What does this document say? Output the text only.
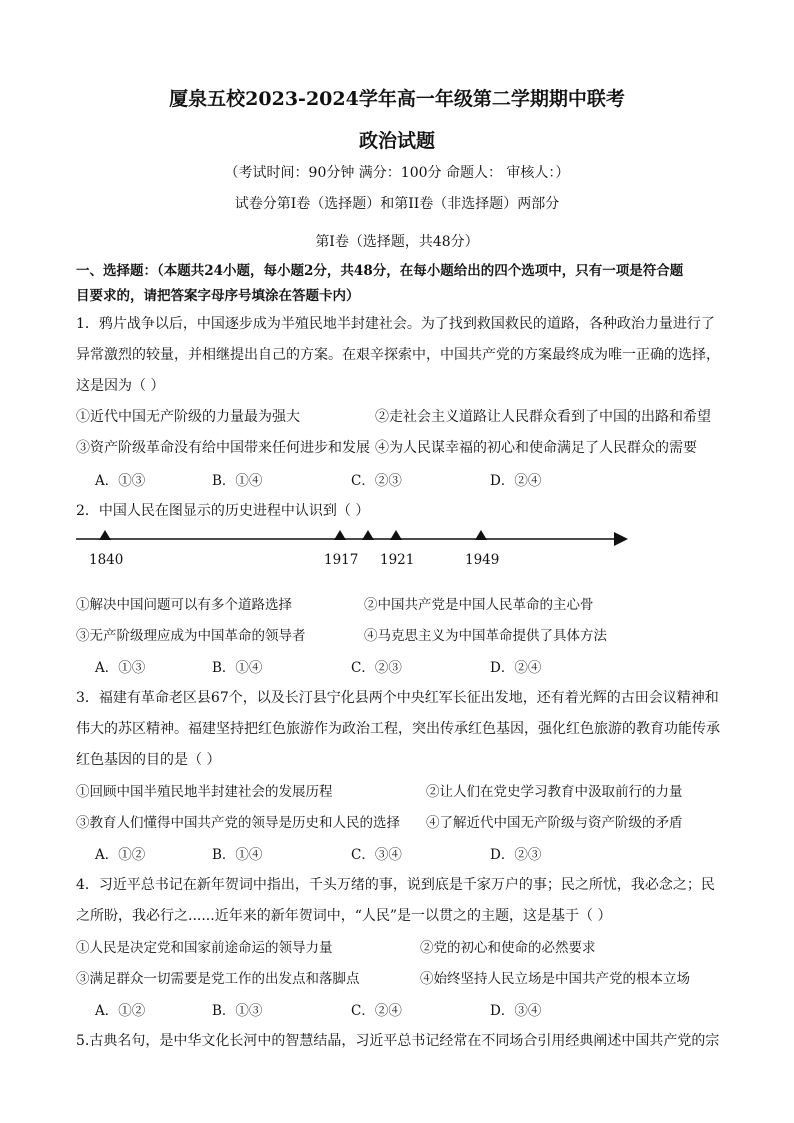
厦泉五校2023-2024学年高一年级第二学期期中联考
政治试题
（考试时间：90分钟 满分：100分 命题人： 审核人：）
试卷分第Ⅰ卷（选择题）和第II卷（非选择题）两部分
第Ⅰ卷（选择题，共48分）
一、选择题：（本题共24小题，每小题2分，共48分，在每小题给出的四个选项中，只有一项是符合题
目要求的，请把答案字母序号填涂在答题卡内）
1．鸦片战争以后，中国逐步成为半殖民地半封建社会。为了找到救国救民的道路，各种政治力量进行了
异常激烈的较量，并相继提出自己的方案。在艰辛探索中，中国共产党的方案最终成为唯一正确的选择，
这是因为（ ）
①近代中国无产阶级的力量最为强大	②走社会主义道路让人民群众看到了中国的出路和希望
③资产阶级革命没有给中国带来任何进步和发展 ④为人民谋幸福的初心和使命满足了人民群众的需要
A．①③	B．①④	C．②③	D．②④
2．中国人民在图显示的历史进程中认识到（ ）
1840	1917 1921	1949
①解决中国问题可以有多个道路选择	②中国共产党是中国人民革命的主心骨
③无产阶级理应成为中国革命的领导者	④马克思主义为中国革命提供了具体方法
A．①③	B．①④	C．②③	D．②④
3．福建有革命老区县67个，以及长汀县宁化县两个中央红军长征出发地，还有着光辉的古田会议精神和
伟大的苏区精神。福建坚持把红色旅游作为政治工程，突出传承红色基因，强化红色旅游的教育功能传承
红色基因的目的是（ ）
①回顾中国半殖民地半封建社会的发展历程	②让人们在党史学习教育中汲取前行的力量
③教育人们懂得中国共产党的领导是历史和人民的选择 ④了解近代中国无产阶级与资产阶级的矛盾
A．①②	B．①④	C．③④	D．②③
4．习近平总书记在新年贺词中指出，千头万绪的事，说到底是千家万户的事；民之所忧，我必念之；民
之所盼，我必行之......近年来的新年贺词中，“人民”是一以贯之的主题，这是基于（ ）
①人民是决定党和国家前途命运的领导力量	②党的初心和使命的必然要求
③满足群众一切需要是党工作的出发点和落脚点	④始终坚持人民立场是中国共产党的根本立场
A．①②	B．①③	C．②④	D．③④
5.古典名句，是中华文化长河中的智慧结晶，习近平总书记经常在不同场合引用经典阐述中国共产党的宗
